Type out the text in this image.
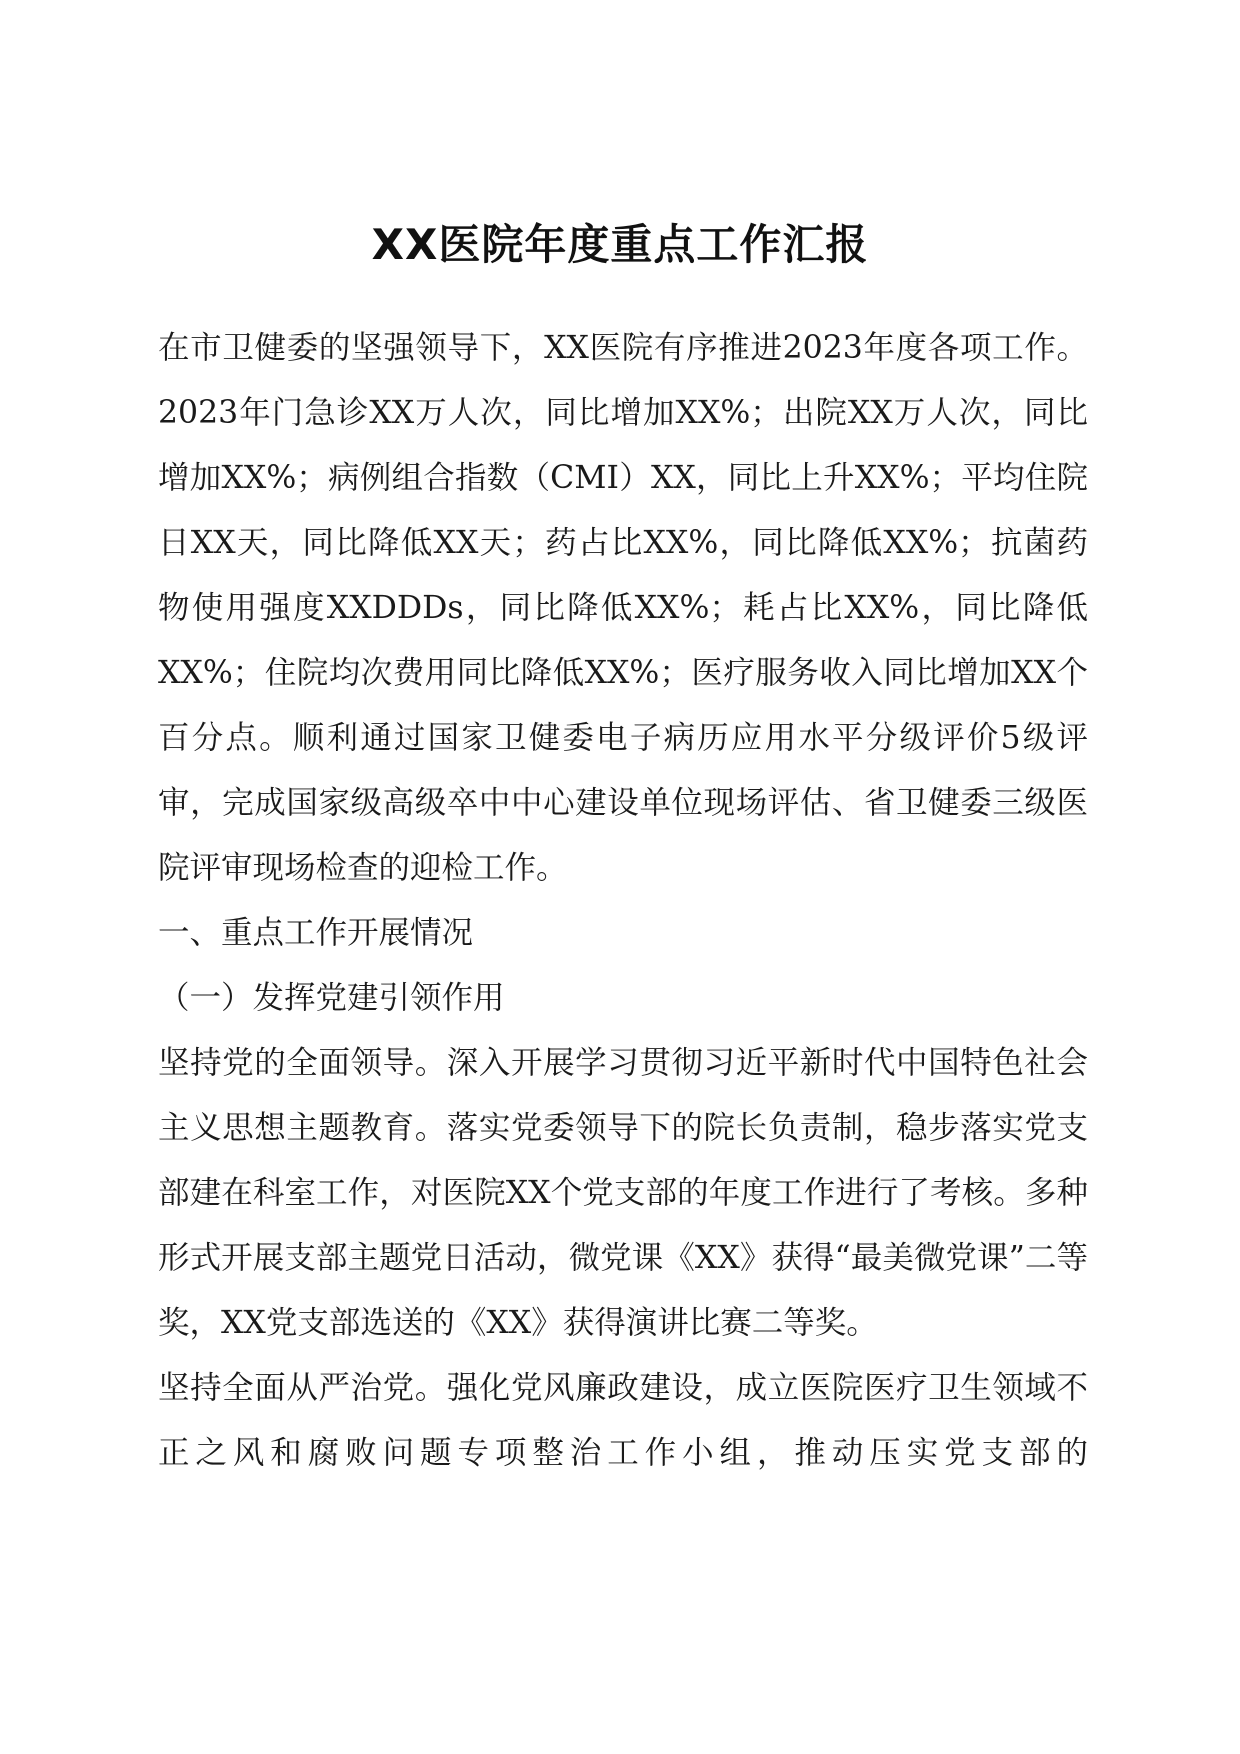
XX医院年度重点工作汇报

在市卫健委的坚强领导下，XX医院有序推进2023年度各项工作。2023年门急诊XX万人次，同比增加XX%；出院XX万人次，同比增加XX%；病例组合指数（CMI）XX，同比上升XX%；平均住院日XX天，同比降低XX天；药占比XX%，同比降低XX%；抗菌药物使用强度XXDDDs，同比降低XX%；耗占比XX%，同比降低XX%；住院均次费用同比降低XX%；医疗服务收入同比增加XX个百分点。顺利通过国家卫健委电子病历应用水平分级评价5级评审，完成国家级高级卒中中心建设单位现场评估、省卫健委三级医院评审现场检查的迎检工作。

一、重点工作开展情况

（一）发挥党建引领作用

坚持党的全面领导。深入开展学习贯彻习近平新时代中国特色社会主义思想主题教育。落实党委领导下的院长负责制，稳步落实党支部建在科室工作，对医院XX个党支部的年度工作进行了考核。多种形式开展支部主题党日活动，微党课《XX》获得“最美微党课”二等奖，XX党支部选送的《XX》获得演讲比赛二等奖。

坚持全面从严治党。强化党风廉政建设，成立医院医疗卫生领域不正之风和腐败问题专项整治工作小组，推动压实党支部的
